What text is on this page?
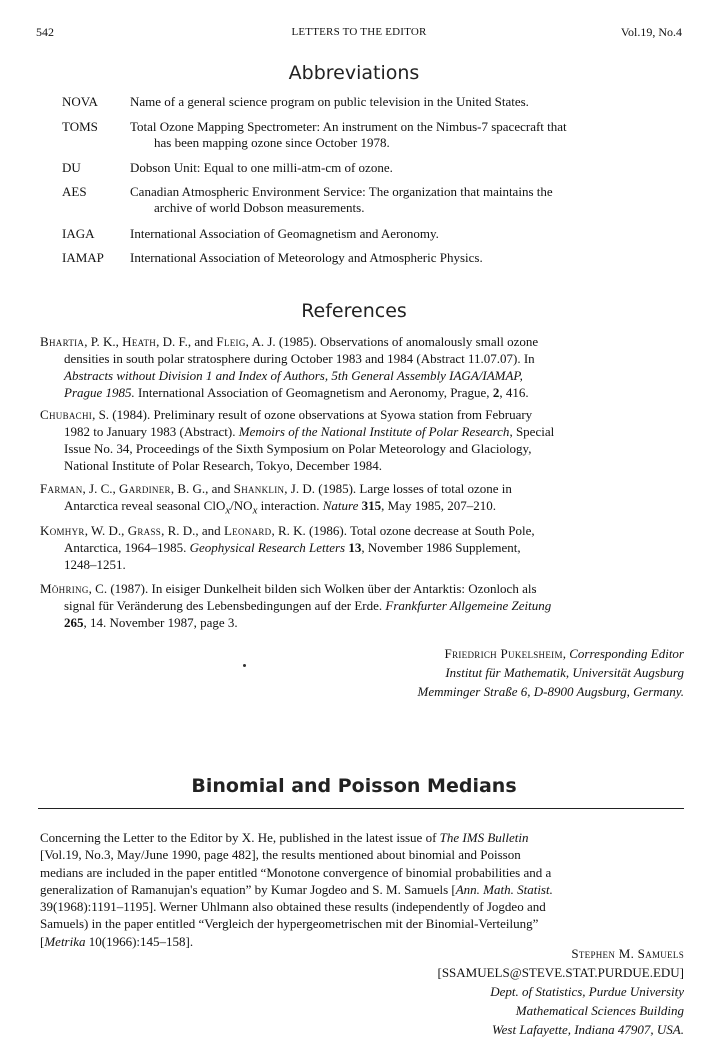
542	LETTERS TO THE EDITOR	Vol.19, No.4
Abbreviations
NOVA Name of a general science program on public television in the United States.
TOMS Total Ozone Mapping Spectrometer: An instrument on the Nimbus-7 spacecraft that
has been mapping ozone since October 1978.
DU	Dobson Unit: Equal to one milli-atm-cm of ozone.
AES	Canadian Atmospheric Environment Service: The organization that maintains the
archive of world Dobson measurements.
IAGA	International Association of Geomagnetism and Aeronomy.
IAMAP International Association of Meteorology and Atmospheric Physics.
References
Bhartia, P. K., Heath, D. F., and Fleig, A. J. (1985). Observations of anomalously small ozone
densities in south polar stratosphere during October 1983 and 1984 (Abstract 11.07.07). In
Abstracts without Division 1 and Index of Authors, 5th General Assembly IAGA/IAMAP,
Prague 1985. International Association of Geomagnetism and Aeronomy, Prague, 2, 416.
Chubachi, S. (1984). Preliminary result of ozone observations at Syowa station from February
1982 to January 1983 (Abstract). Memoirs of the National Institute of Polar Research, Special
Issue No. 34, Proceedings of the Sixth Symposium on Polar Meteorology and Glaciology,
National Institute of Polar Research, Tokyo, December 1984.
Farman, J. C., Gardiner, B. G., and Shanklin, J. D. (1985). Large losses of total ozone in
Antarctica reveal seasonal $ClO_x/NO_x$ interaction. Nature 315, May 1985, 207–210.
Komhyr, W. D., Grass, R. D., and Leonard, R. K. (1986). Total ozone decrease at South Pole,
Antarctica, 1964–1985. Geophysical Research Letters 13, November 1986 Supplement,
1248–1251.
Möhring, C. (1987). In eisiger Dunkelheit bilden sich Wolken über der Antarktis: Ozonloch als
signal für Veränderung des Lebensbedingungen auf der Erde. Frankfurter Allgemeine Zeitung
265, 14. November 1987, page 3.
Friedrich Pukelsheim, Corresponding Editor
Institut für Mathematik, Universität Augsburg
Memminger Straße 6, D-8900 Augsburg, Germany.
Binomial and Poisson Medians
Concerning the Letter to the Editor by X. He, published in the latest issue of The IMS Bulletin
[Vol.19, No.3, May/June 1990, page 482], the results mentioned about binomial and Poisson
medians are included in the paper entitled “Monotone convergence of binomial probabilities and a
generalization of Ramanujan's equation” by Kumar Jogdeo and S. M. Samuels [Ann. Math. Statist.
39(1968):1191–1195]. Werner Uhlmann also obtained these results (independently of Jogdeo and
Samuels) in the paper entitled “Vergleich der hypergeometrischen mit der Binomial-Verteilung”
[Metrika 10(1966):145–158].
Stephen M. Samuels
[SSAMUELS@STEVE.STAT.PURDUE.EDU]
Dept. of Statistics, Purdue University
Mathematical Sciences Building
West Lafayette, Indiana 47907, USA.
